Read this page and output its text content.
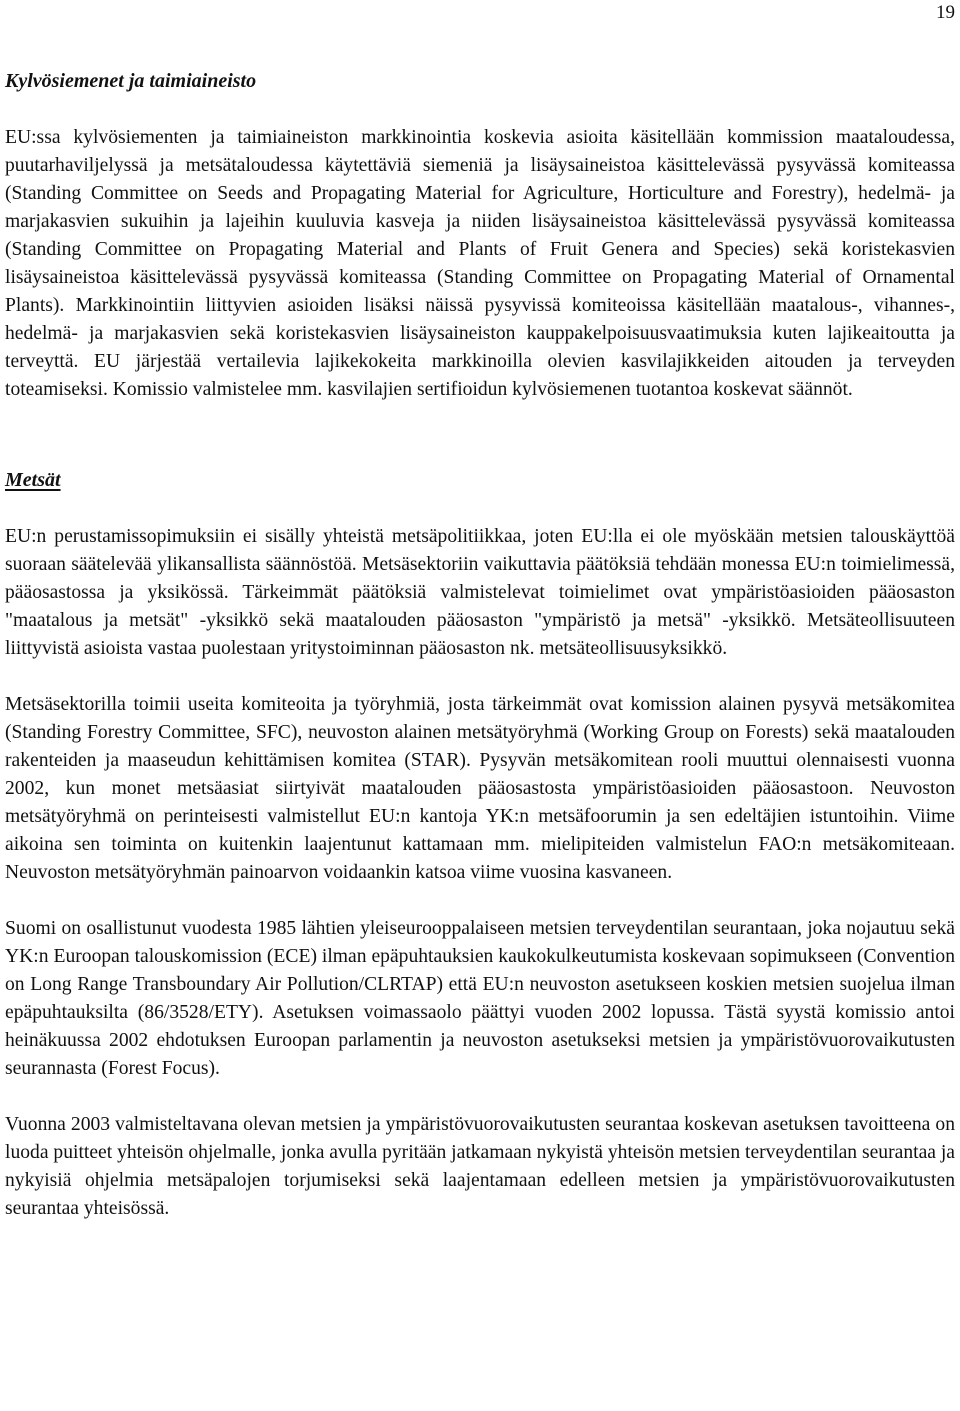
19
Kylvösiemenet ja taimiaineisto

EU:ssa kylvösiementen ja taimiaineiston markkinointia koskevia asioita käsitellään kommission maataloudessa, puutarhaviljelyssä ja metsätaloudessa käytettäviä siemeniä ja lisäysaineistoa käsittelevässä pysyvässä komiteassa (Standing Committee on Seeds and Propagating Material for Agriculture, Horticulture and Forestry), hedelmä- ja marjakasvien sukuihin ja lajeihin kuuluvia kasveja ja niiden lisäysaineistoa käsittelevässä pysyvässä komiteassa (Standing Committee on Propagating Material and Plants of Fruit Genera and Species) sekä koristekasvien lisäysaineistoa käsittelevässä pysyvässä komiteassa (Standing Committee on Propagating Material of Ornamental Plants). Markkinointiin liittyvien asioiden lisäksi näissä pysyvissä komiteoissa käsitellään maatalous-, vihannes-, hedelmä- ja marjakasvien sekä koristekasvien lisäysaineiston kauppakelpoisuusvaatimuksia kuten lajikeaitoutta ja terveyttä. EU järjestää vertailevia lajikekokeita markkinoilla olevien kasvilajikkeiden aitouden ja terveyden toteamiseksi. Komissio valmistelee mm. kasvilajien sertifioidun kylvösiemenen tuotantoa koskevat säännöt.

Metsät

EU:n perustamissopimuksiin ei sisälly yhteistä metsäpolitiikkaa, joten EU:lla ei ole myöskään metsien talouskäyttöä suoraan säätelevää ylikansallista säännöstöä. Metsäsektoriin vaikuttavia päätöksiä tehdään monessa EU:n toimielimessä, pääosastossa ja yksikössä. Tärkeimmät päätöksiä valmistelevat toimielimet ovat ympäristöasioiden pääosaston "maatalous ja metsät" -yksikkö sekä maatalouden pääosaston "ympäristö ja metsä" -yksikkö. Metsäteollisuuteen liittyvistä asioista vastaa puolestaan yritystoiminnan pääosaston nk. metsäteollisuusyksikkö.

Metsäsektorilla toimii useita komiteoita ja työryhmiä, josta tärkeimmät ovat komission alainen pysyvä metsäkomitea (Standing Forestry Committee, SFC), neuvoston alainen metsätyöryhmä (Working Group on Forests) sekä maatalouden rakenteiden ja maaseudun kehittämisen komitea (STAR). Pysyvän metsäkomitean rooli muuttui olennaisesti vuonna 2002, kun monet metsäasiat siirtyivät maatalouden pääosastosta ympäristöasioiden pääosastoon. Neuvoston metsätyöryhmä on perinteisesti valmistellut EU:n kantoja YK:n metsäfoorumin ja sen edeltäjien istuntoihin. Viime aikoina sen toiminta on kuitenkin laajentunut kattamaan mm. mielipiteiden valmistelun FAO:n metsäkomiteaan. Neuvoston metsätyöryhmän painoarvon voidaankin katsoa viime vuosina kasvaneen.

Suomi on osallistunut vuodesta 1985 lähtien yleiseurooppalaiseen metsien terveydentilan seurantaan, joka nojautuu sekä YK:n Euroopan talouskomission (ECE) ilman epäpuhtauksien kaukokulkeutumista koskevaan sopimukseen (Convention on Long Range Transboundary Air Pollution/CLRTAP) että EU:n neuvoston asetukseen koskien metsien suojelua ilman epäpuhtauksilta (86/3528/ETY). Asetuksen voimassaolo päättyi vuoden 2002 lopussa. Tästä syystä komissio antoi heinäkuussa 2002 ehdotuksen Euroopan parlamentin ja neuvoston asetukseksi metsien ja ympäristövuorovaikutusten seurannasta (Forest Focus).

Vuonna 2003 valmisteltavana olevan metsien ja ympäristövuorovaikutusten seurantaa koskevan asetuksen tavoitteena on luoda puitteet yhteisön ohjelmalle, jonka avulla pyritään jatkamaan nykyistä yhteisön metsien terveydentilan seurantaa ja nykyisiä ohjelmia metsäpalojen torjumiseksi sekä laajentamaan edelleen metsien ja ympäristövuorovaikutusten seurantaa yhteisössä.
